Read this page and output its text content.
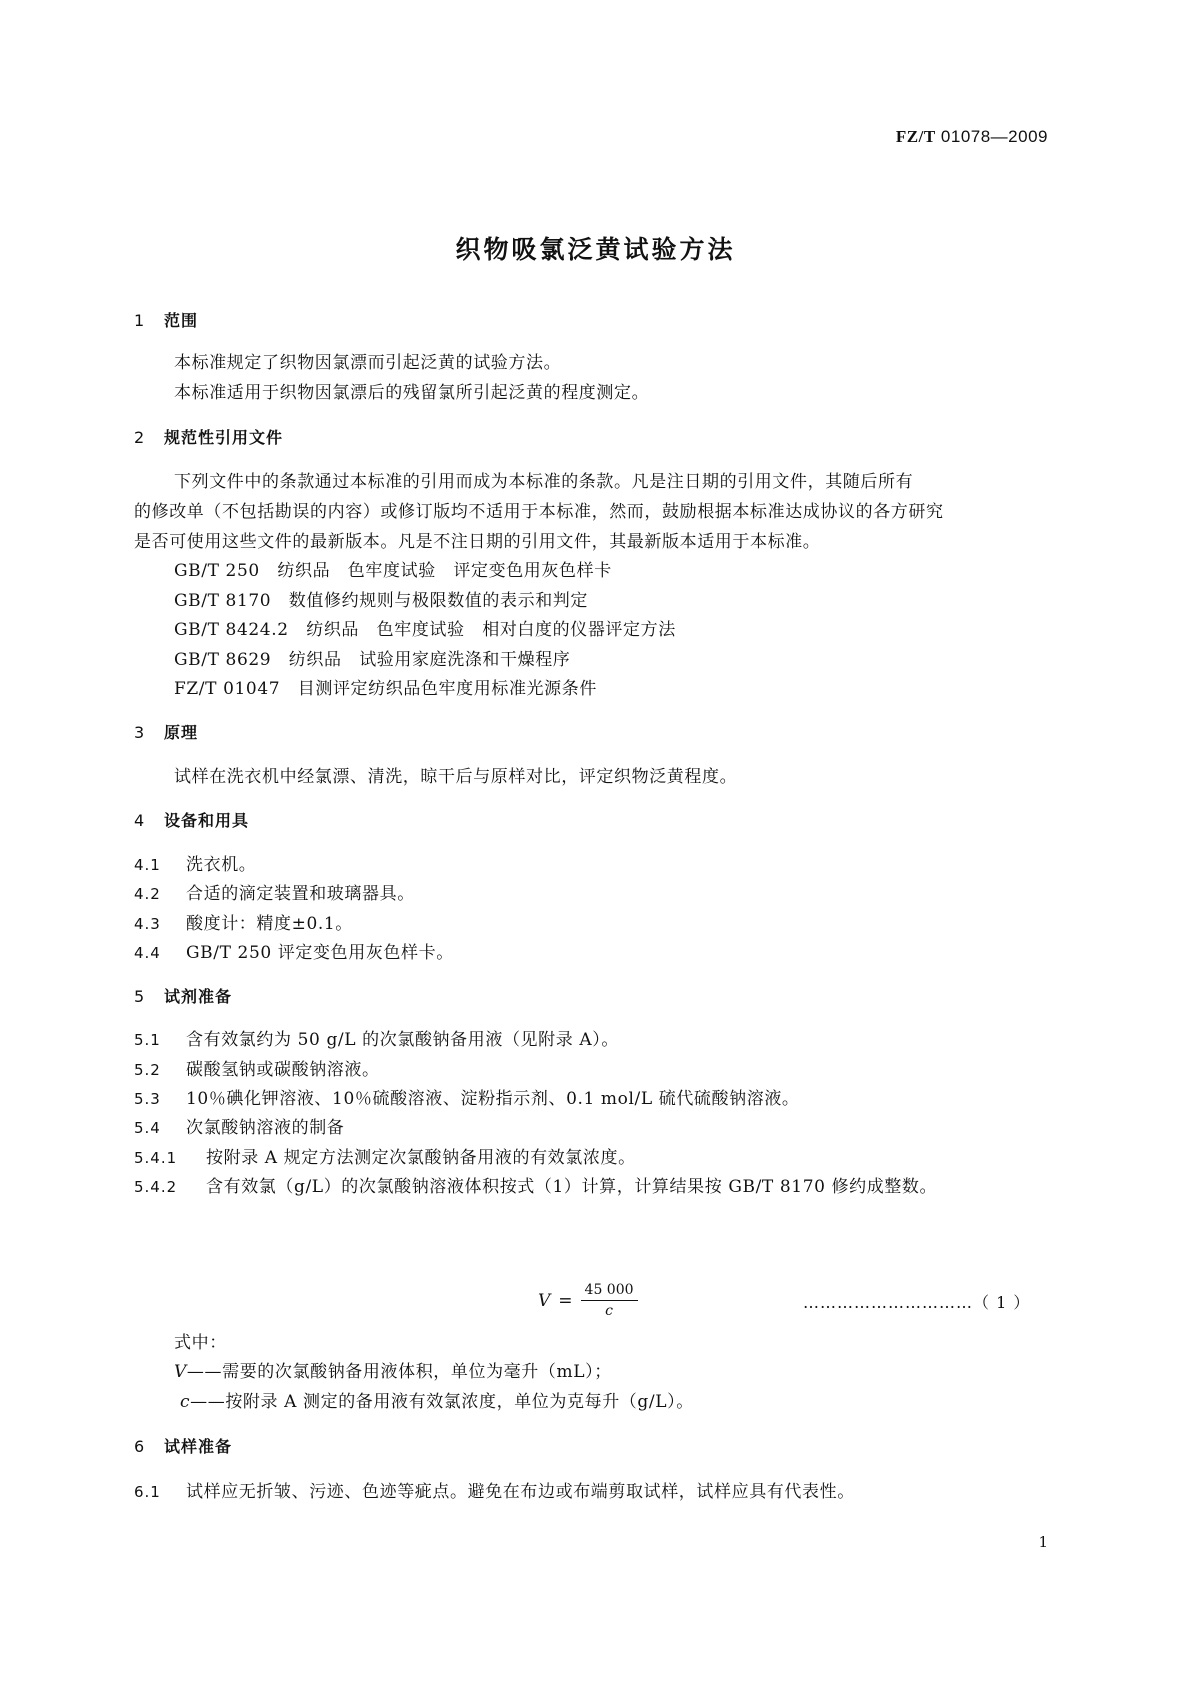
FZ/T 01078—2009
织物吸氯泛黄试验方法
1 范围
本标准规定了织物因氯漂而引起泛黄的试验方法。
本标准适用于织物因氯漂后的残留氯所引起泛黄的程度测定。
2 规范性引用文件
下列文件中的条款通过本标准的引用而成为本标准的条款。凡是注日期的引用文件，其随后所有
的修改单（不包括勘误的内容）或修订版均不适用于本标准，然而，鼓励根据本标准达成协议的各方研究
是否可使用这些文件的最新版本。凡是不注日期的引用文件，其最新版本适用于本标准。
GB/T 250　纺织品　色牢度试验　评定变色用灰色样卡
GB/T 8170　数值修约规则与极限数值的表示和判定
GB/T 8424.2　纺织品　色牢度试验　相对白度的仪器评定方法
GB/T 8629　纺织品　试验用家庭洗涤和干燥程序
FZ/T 01047　目测评定纺织品色牢度用标准光源条件
3 原理
试样在洗衣机中经氯漂、清洗，晾干后与原样对比，评定织物泛黄程度。
4 设备和用具
4.1 洗衣机。
4.2 合适的滴定装置和玻璃器具。
4.3 酸度计：精度±0.1。
4.4 GB/T 250 评定变色用灰色样卡。
5 试剂准备
5.1 含有效氯约为 50 g/L 的次氯酸钠备用液（见附录 A）。
5.2 碳酸氢钠或碳酸钠溶液。
5.3 10％碘化钾溶液、10％硫酸溶液、淀粉指示剂、0.1 mol/L 硫代硫酸钠溶液。
5.4 次氯酸钠溶液的制备
5.4.1 按附录 A 规定方法测定次氯酸钠备用液的有效氯浓度。
5.4.2 含有效氯（g/L）的次氯酸钠溶液体积按式（1）计算，计算结果按 GB/T 8170 修约成整数。
$V = \frac{45 000}{c}$	…………………………（ 1 ）
式中：
V——需要的次氯酸钠备用液体积，单位为毫升（mL）；
c——按附录 A 测定的备用液有效氯浓度，单位为克每升（g/L）。
6 试样准备
6.1 试样应无折皱、污迹、色迹等疵点。避免在布边或布端剪取试样，试样应具有代表性。
1
